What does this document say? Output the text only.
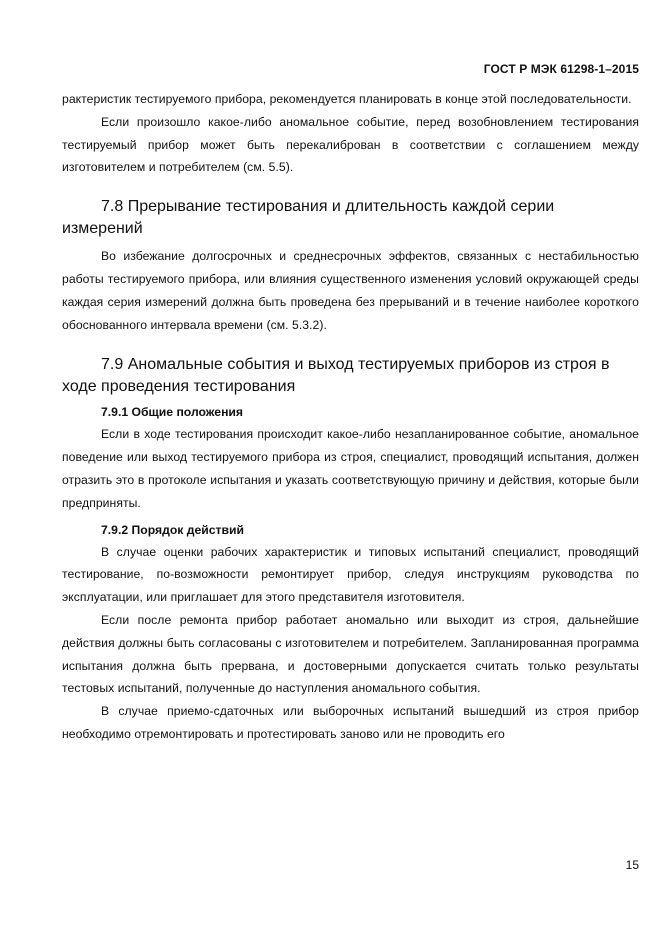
ГОСТ Р МЭК 61298-1–2015

рактеристик тестируемого прибора, рекомендуется планировать в конце этой последовательности.

Если произошло какое-либо аномальное событие, перед возобновлением тестирования тестируемый прибор может быть перекалиброван в соответствии с соглашением между изготовителем и потребителем (см. 5.5).

7.8 Прерывание тестирования и длительность каждой серии измерений

Во избежание долгосрочных и среднесрочных эффектов, связанных с нестабильностью работы тестируемого прибора, или влияния существенного изменения условий окружающей среды каждая серия измерений должна быть проведена без прерываний и в течение наиболее короткого обоснованного интервала времени (см. 5.3.2).

7.9 Аномальные события и выход тестируемых приборов из строя в ходе проведения тестирования
7.9.1 Общие положения

Если в ходе тестирования происходит какое-либо незапланированное событие, аномальное поведение или выход тестируемого прибора из строя, специалист, проводящий испытания, должен отразить это в протоколе испытания и указать соответствующую причину и действия, которые были предприняты.

7.9.2 Порядок действий

В случае оценки рабочих характеристик и типовых испытаний специалист, проводящий тестирование, по-возможности ремонтирует прибор, следуя инструкциям руководства по эксплуатации, или приглашает для этого представителя изготовителя.

Если после ремонта прибор работает аномально или выходит из строя, дальнейшие действия должны быть согласованы с изготовителем и потребителем. Запланированная программа испытания должна быть прервана, и достоверными допускается считать только результаты тестовых испытаний, полученные до наступления аномального события.

В случае приемо-сдаточных или выборочных испытаний вышедший из строя прибор необходимо отремонтировать и протестировать заново или не проводить его

15
